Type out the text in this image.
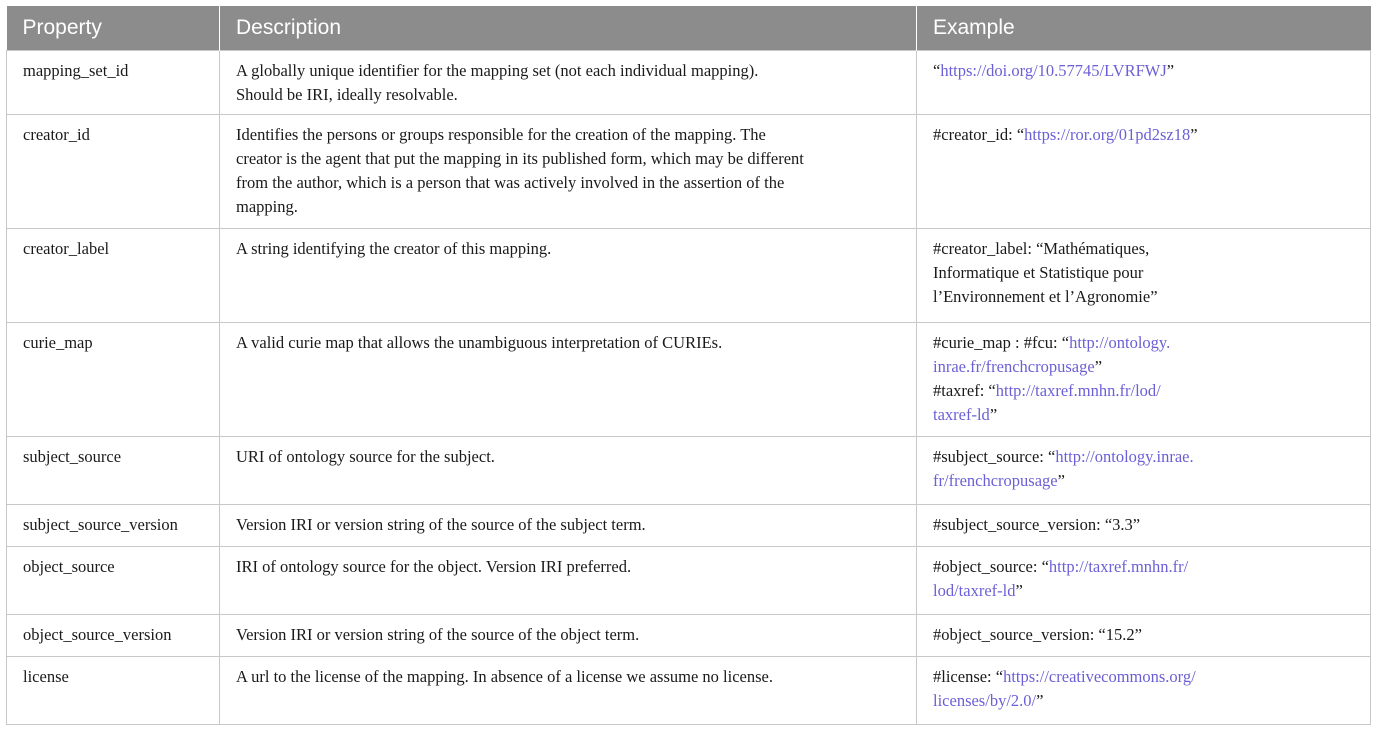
Property	Description	Example
mapping_set_id	A globally unique identifier for the mapping set (not each individual mapping).
Should be IRI, ideally resolvable.	“https://doi.org/10.57745/LVRFWJ”

creator_id	Identifies the persons or groups responsible for the creation of the mapping. The
creator is the agent that put the mapping in its published form, which may be different
from the author, which is a person that was actively involved in the assertion of the
mapping.	#creator_id: “https://ror.org/01pd2sz18”

creator_label	A string identifying the creator of this mapping.	#creator_label: “Mathématiques,
Informatique et Statistique pour
l’Environnement et l’Agronomie”

curie_map	A valid curie map that allows the unambiguous interpretation of CURIEs.	#curie_map : #fcu: “http://ontology.
inrae.fr/frenchcropusage”
#taxref: “http://taxref.mnhn.fr/lod/
taxref-ld”

subject_source	URI of ontology source for the subject.	#subject_source: “http://ontology.inrae.
fr/frenchcropusage”

subject_source_version	Version IRI or version string of the source of the subject term.	#subject_source_version: “3.3”

object_source	IRI of ontology source for the object. Version IRI preferred.	#object_source: “http://taxref.mnhn.fr/
lod/taxref-ld”

object_source_version	Version IRI or version string of the source of the object term.	#object_source_version: “15.2”

license	A url to the license of the mapping. In absence of a license we assume no license.	#license: “https://creativecommons.org/
licenses/by/2.0/”
